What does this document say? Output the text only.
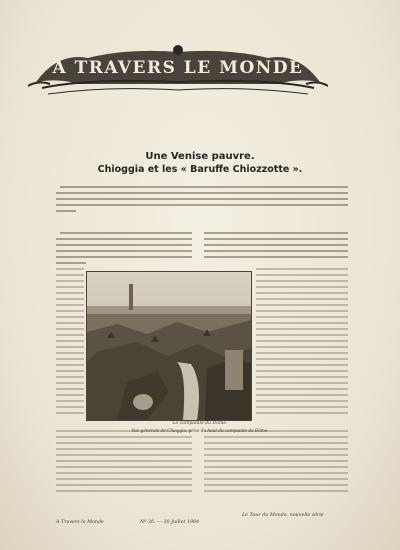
A TRAVERS LE MONDE
Une Venise pauvre.
Chioggia et les « Baruffe Chiozzotte ».
Le campanile du Dôme.
Vue générale de Chioggia, prise du haut du campanile du Dôme.
A Travers le Monde	Nº 26. — 30 Juillet 1904
Le Tour du Monde, nouvelle série
